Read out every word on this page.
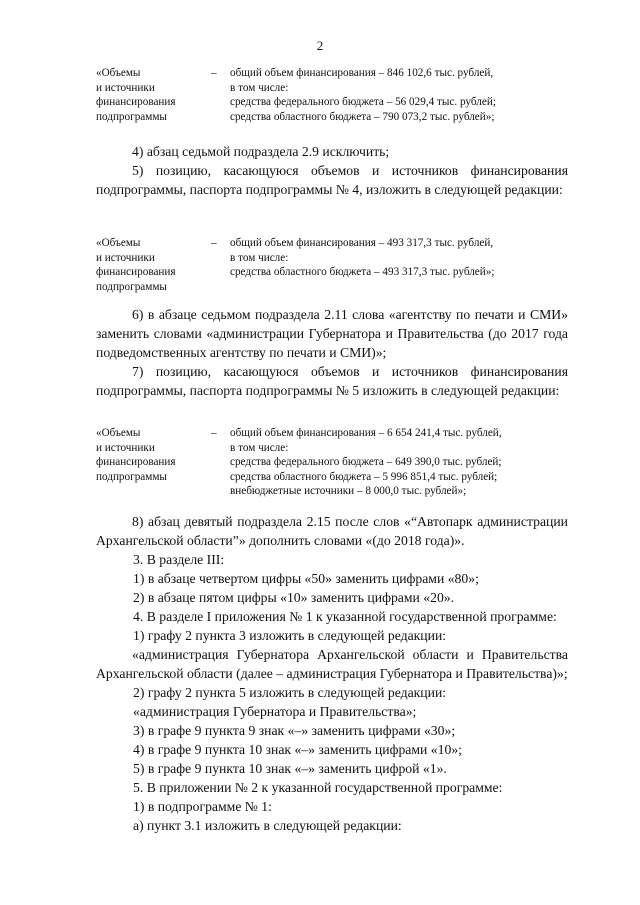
2
«Объемы
и источники
финансирования
подпрограммы
– общий объем финансирования – 846 102,6 тыс. рублей,
в том числе:
средства федерального бюджета – 56 029,4 тыс. рублей;
средства областного бюджета – 790 073,2 тыс. рублей»;

4) абзац седьмой подраздела 2.9 исключить;

5) позицию, касающуюся объемов и источников финансирования подпрограммы, паспорта подпрограммы № 4, изложить в следующей редакции:

«Объемы
и источники
финансирования
подпрограммы
– общий объем финансирования – 493 317,3 тыс. рублей,
в том числе:
средства областного бюджета – 493 317,3 тыс. рублей»;

6) в абзаце седьмом подраздела 2.11 слова «агентству по печати и СМИ» заменить словами «администрации Губернатора и Правительства (до 2017 года подведомственных агентству по печати и СМИ)»;

7) позицию, касающуюся объемов и источников финансирования подпрограммы, паспорта подпрограммы № 5 изложить в следующей редакции:

«Объемы
и источники
финансирования
подпрограммы
– общий объем финансирования – 6 654 241,4 тыс. рублей,
в том числе:
средства федерального бюджета – 649 390,0 тыс. рублей;
средства областного бюджета – 5 996 851,4 тыс. рублей;
внебюджетные источники – 8 000,0 тыс. рублей»;

8) абзац девятый подраздела 2.15 после слов «“Автопарк администрации Архангельской области”» дополнить словами «(до 2018 года)».

3. В разделе III:
1) в абзаце четвертом цифры «50» заменить цифрами «80»;
2) в абзаце пятом цифры «10» заменить цифрами «20».
4. В разделе I приложения № 1 к указанной государственной программе:
1) графу 2 пункта 3 изложить в следующей редакции:

«администрация Губернатора Архангельской области и Правительства Архангельской области (далее – администрация Губернатора и Правительства)»;

2) графу 2 пункта 5 изложить в следующей редакции:
«администрация Губернатора и Правительства»;
3) в графе 9 пункта 9 знак «–» заменить цифрами «30»;
4) в графе 9 пункта 10 знак «–» заменить цифрами «10»;
5) в графе 9 пункта 10 знак «–» заменить цифрой «1».
5. В приложении № 2 к указанной государственной программе:
1) в подпрограмме № 1:
а) пункт 3.1 изложить в следующей редакции:
